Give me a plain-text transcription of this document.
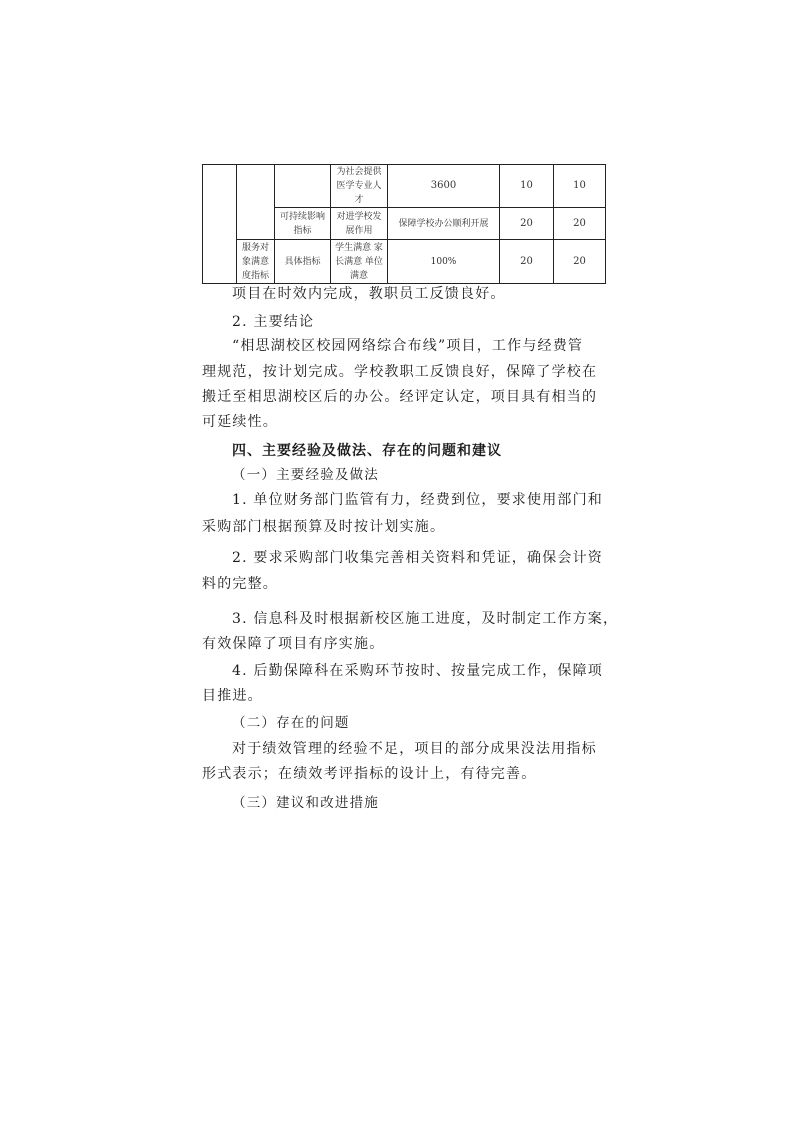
			为社会提供医学专业人才	3600	10	10
		可持续影响指标	对进学校发展作用	保障学校办公顺利开展	20	20
	服务对象满意度指标	具体指标	学生满意 家长满意 单位满意	100%	20	20
项目在时效内完成，教职员工反馈良好。
2. 主要结论
“相思湖校区校园网络综合布线”项目，工作与经费管
理规范，按计划完成。学校教职工反馈良好，保障了学校在
搬迁至相思湖校区后的办公。经评定认定，项目具有相当的
可延续性。
四、主要经验及做法、存在的问题和建议
（一）主要经验及做法
1. 单位财务部门监管有力，经费到位，要求使用部门和
采购部门根据预算及时按计划实施。
2. 要求采购部门收集完善相关资料和凭证，确保会计资
料的完整。
3. 信息科及时根据新校区施工进度，及时制定工作方案，
有效保障了项目有序实施。
4. 后勤保障科在采购环节按时、按量完成工作，保障项
目推进。
（二）存在的问题
对于绩效管理的经验不足，项目的部分成果没法用指标
形式表示；在绩效考评指标的设计上，有待完善。
（三）建议和改进措施
